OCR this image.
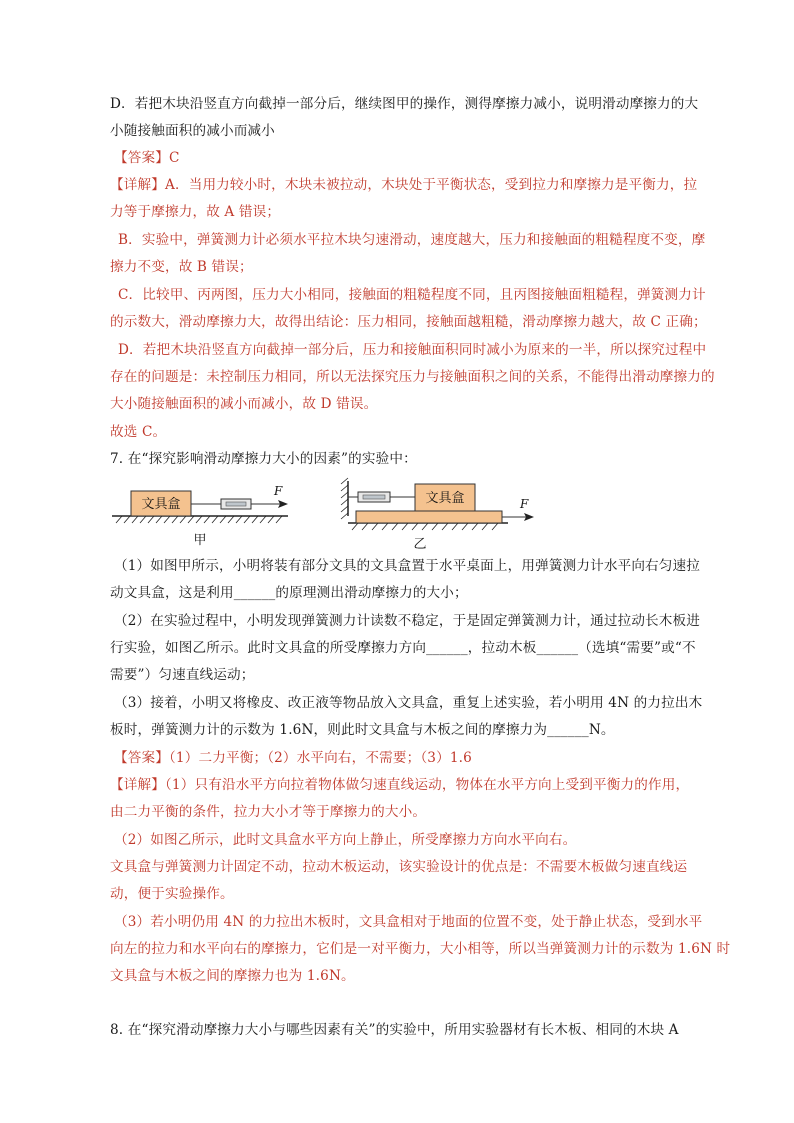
D．若把木块沿竖直方向截掉一部分后，继续图甲的操作，测得摩擦力减小，说明滑动摩擦力的大
小随接触面积的减小而减小
【答案】C
【详解】A．当用力较小时，木块未被拉动，木块处于平衡状态，受到拉力和摩擦力是平衡力，拉
力等于摩擦力，故 A 错误；
B．实验中，弹簧测力计必须水平拉木块匀速滑动，速度越大，压力和接触面的粗糙程度不变，摩
擦力不变，故 B 错误；
C．比较甲、丙两图，压力大小相同，接触面的粗糙程度不同，且丙图接触面粗糙程，弹簧测力计
的示数大，滑动摩擦力大，故得出结论：压力相同，接触面越粗糙，滑动摩擦力越大，故 C 正确；
D．若把木块沿竖直方向截掉一部分后，压力和接触面积同时减小为原来的一半，所以探究过程中
存在的问题是：未控制压力相同，所以无法探究压力与接触面积之间的关系，不能得出滑动摩擦力的
大小随接触面积的减小而减小，故 D 错误。
故选 C。
7. 在“探究影响滑动摩擦力大小的因素”的实验中：
文具盒
F	文具盒	F
甲	乙
（1）如图甲所示，小明将装有部分文具的文具盒置于水平桌面上，用弹簧测力计水平向右匀速拉
动文具盒，这是利用______的原理测出滑动摩擦力的大小；
（2）在实验过程中，小明发现弹簧测力计读数不稳定，于是固定弹簧测力计，通过拉动长木板进
行实验，如图乙所示。此时文具盒的所受摩擦力方向______，拉动木板______（选填“需要”或“不
需要”）匀速直线运动；
（3）接着，小明又将橡皮、改正液等物品放入文具盒，重复上述实验，若小明用 4N 的力拉出木
板时，弹簧测力计的示数为 1.6N，则此时文具盒与木板之间的摩擦力为______N。
【答案】（1）二力平衡；（2）水平向右，不需要；（3）1.6
【详解】（1）只有沿水平方向拉着物体做匀速直线运动，物体在水平方向上受到平衡力的作用，
由二力平衡的条件，拉力大小才等于摩擦力的大小。
（2）如图乙所示，此时文具盒水平方向上静止，所受摩擦力方向水平向右。
文具盒与弹簧测力计固定不动，拉动木板运动，该实验设计的优点是：不需要木板做匀速直线运
动，便于实验操作。
（3）若小明仍用 4N 的力拉出木板时，文具盒相对于地面的位置不变，处于静止状态，受到水平
向左的拉力和水平向右的摩擦力，它们是一对平衡力，大小相等，所以当弹簧测力计的示数为 1.6N 时
文具盒与木板之间的摩擦力也为 1.6N。
8. 在“探究滑动摩擦力大小与哪些因素有关”的实验中，所用实验器材有长木板、相同的木块 A
